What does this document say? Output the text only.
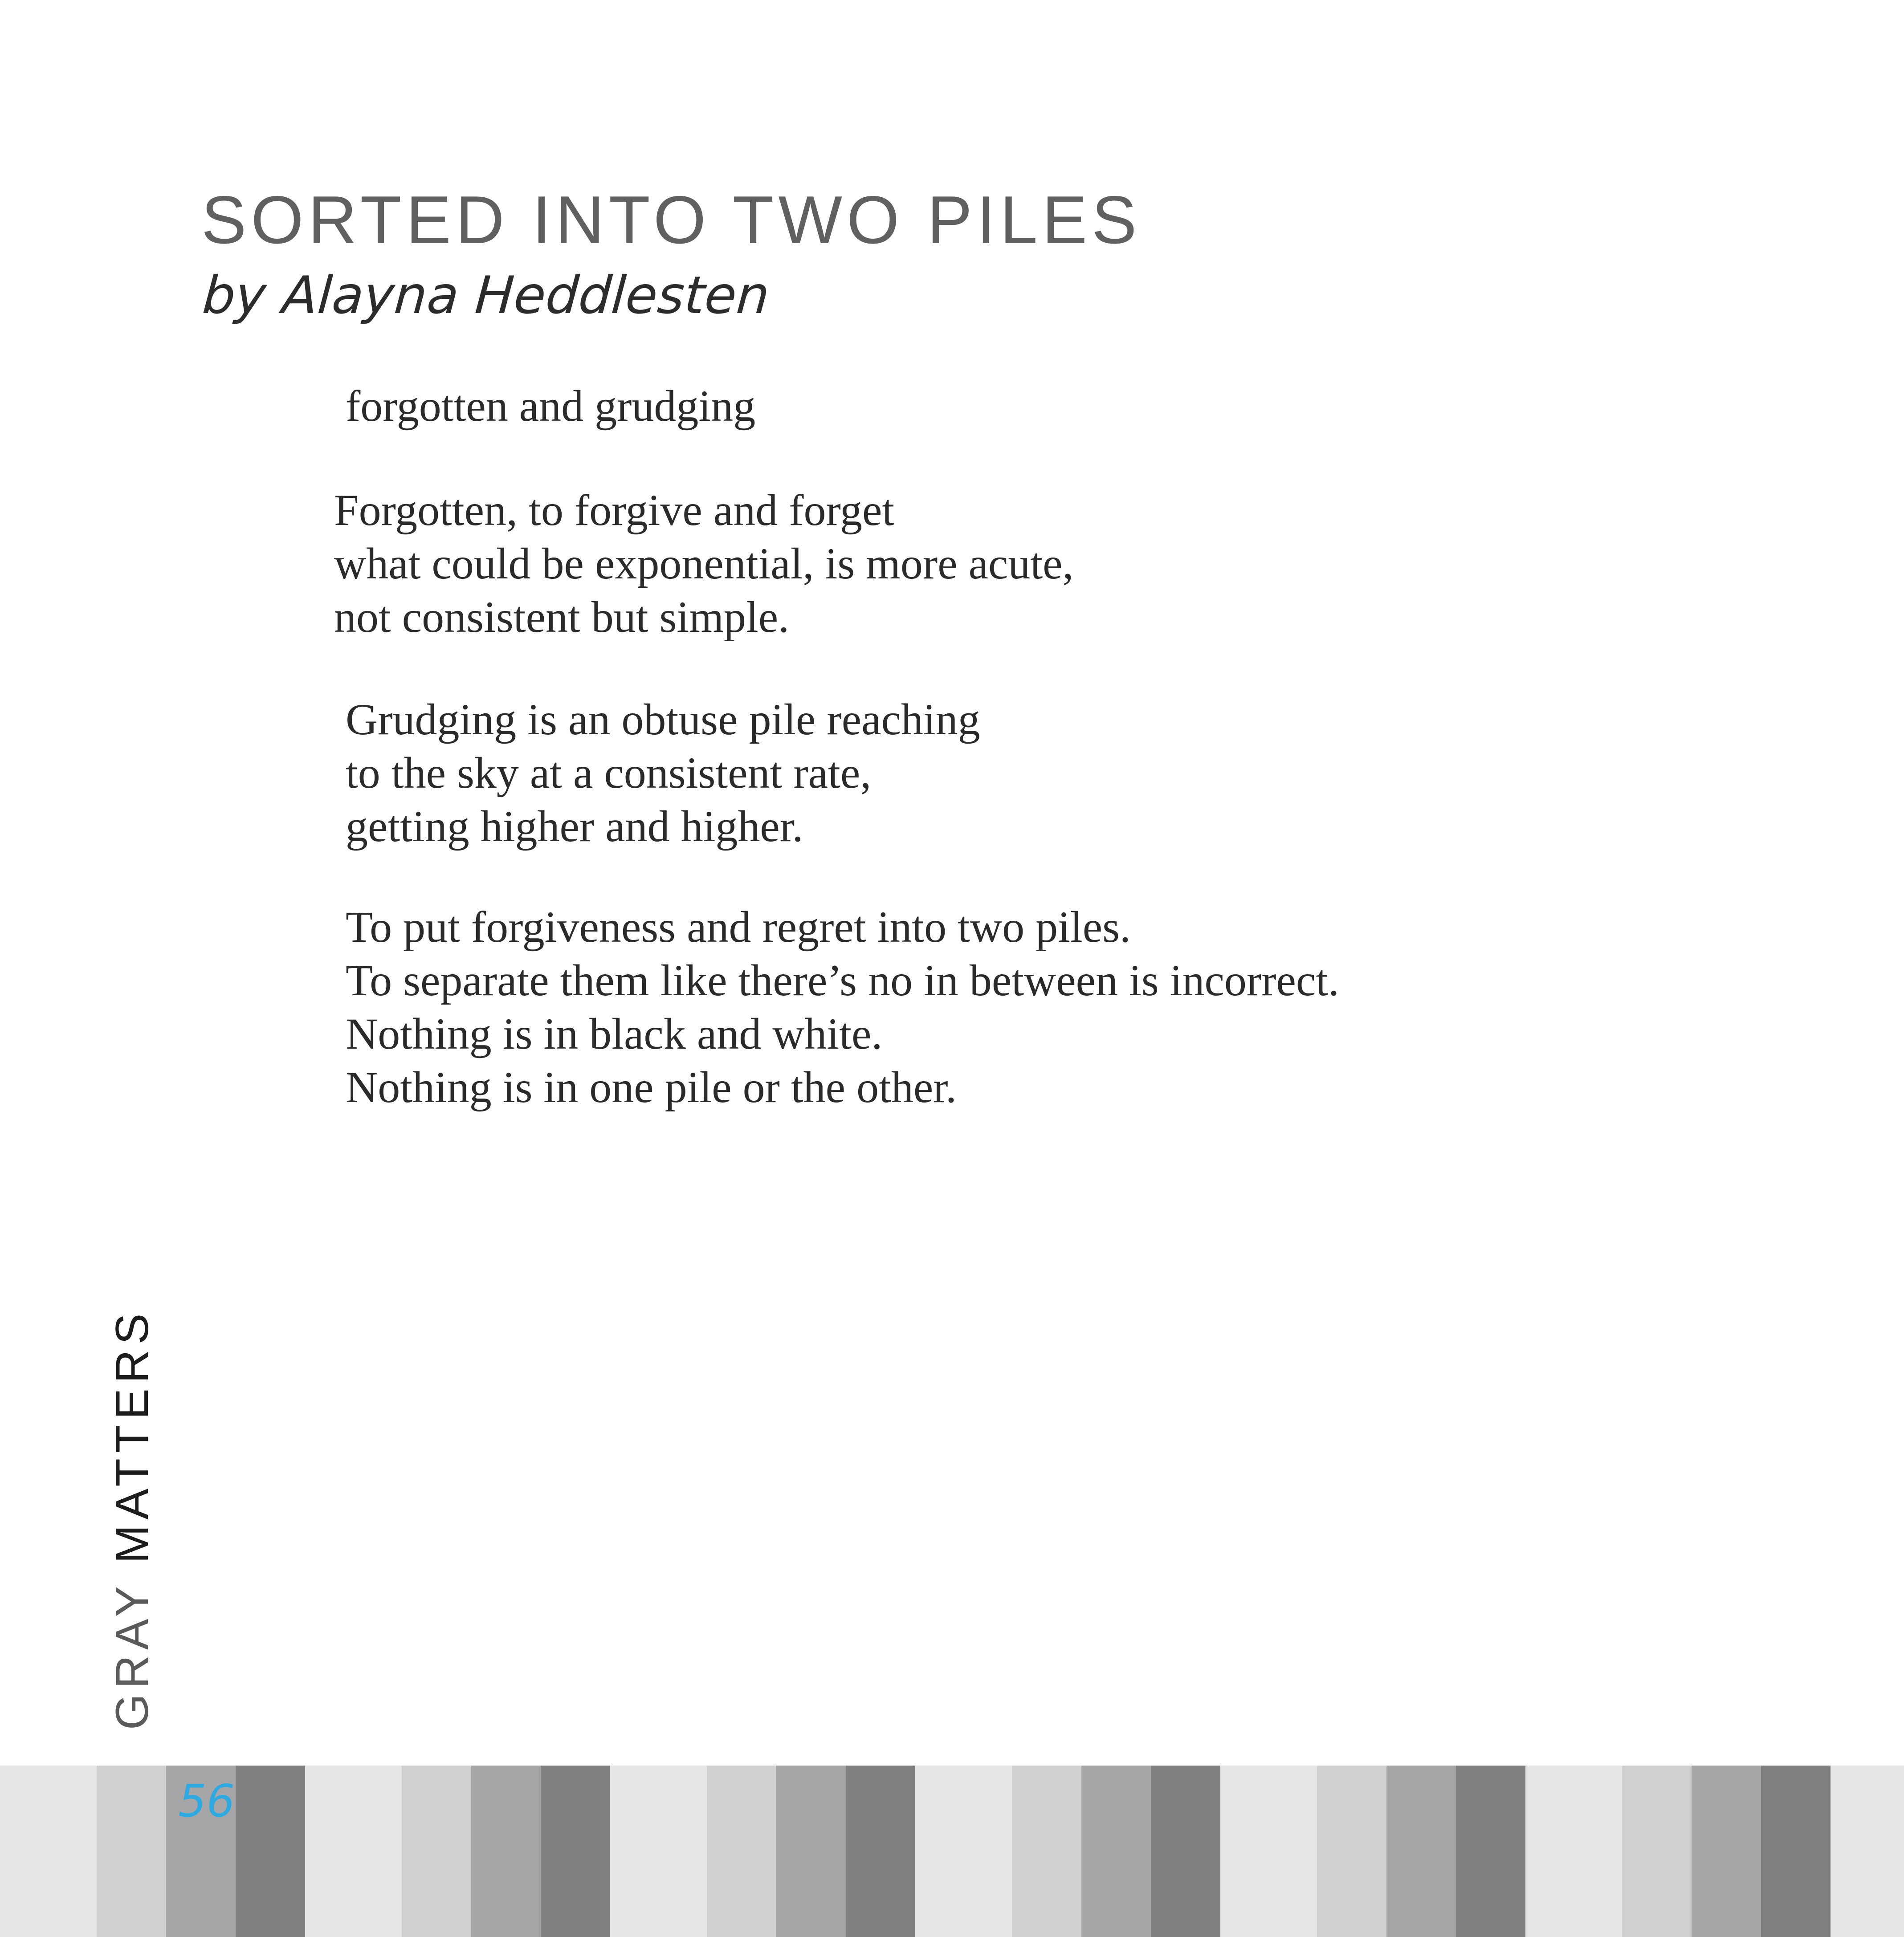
SORTED INTO TWO PILES
by Alayna Heddlesten
forgotten and grudging
Forgotten, to forgive and forget
what could be exponential, is more acute,
not consistent but simple.
Grudging is an obtuse pile reaching
to the sky at a consistent rate,
getting higher and higher.
To put forgiveness and regret into two piles.
To separate them like there’s no in between is incorrect.
Nothing is in black and white.
Nothing is in one pile or the other.
GRAY MATTERS
56
